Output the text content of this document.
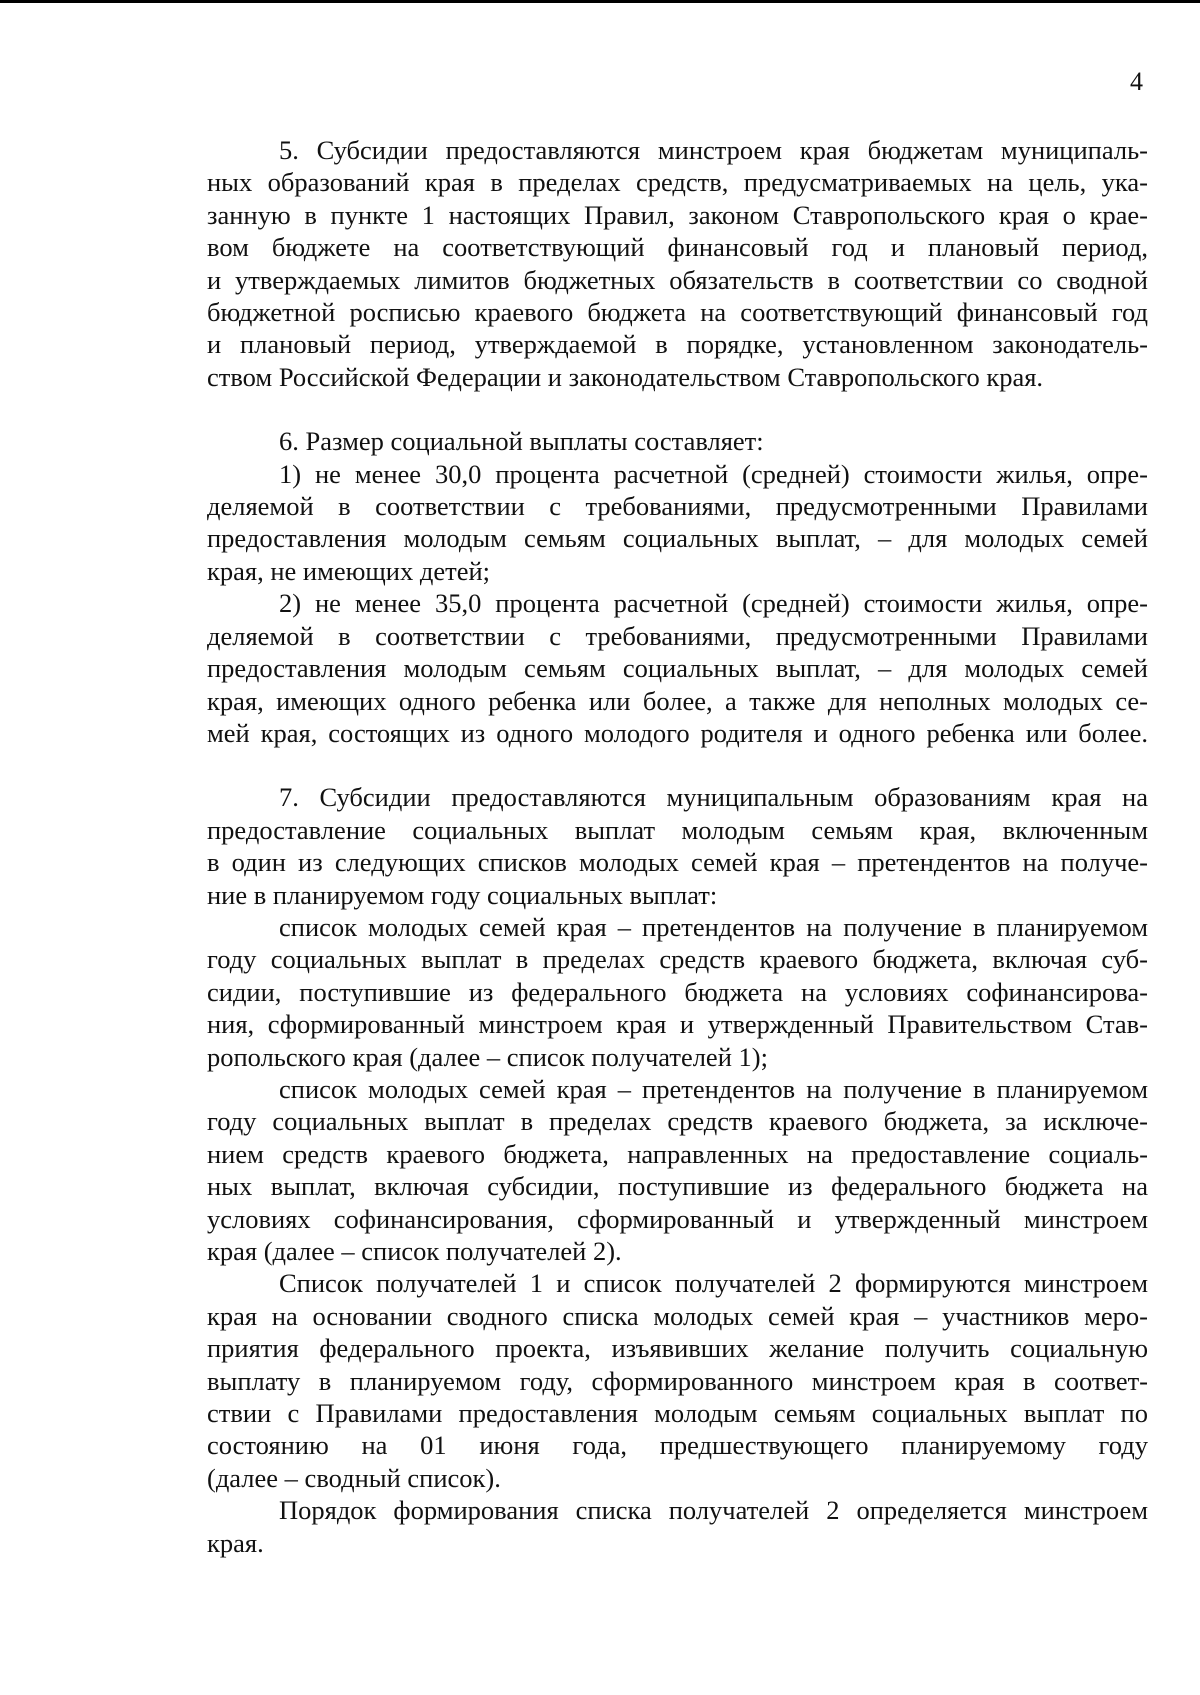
4
5. Субсидии предоставляются минстроем края бюджетам муниципаль-
ных образований края в пределах средств, предусматриваемых на цель, ука-
занную в пункте 1 настоящих Правил, законом Ставропольского края о крае-
вом бюджете на соответствующий финансовый год и плановый период,
и утверждаемых лимитов бюджетных обязательств в соответствии со сводной
бюджетной росписью краевого бюджета на соответствующий финансовый год
и плановый период, утверждаемой в порядке, установленном законодатель-
ством Российской Федерации и законодательством Ставропольского края.
6. Размер социальной выплаты составляет:
1) не менее 30,0 процента расчетной (средней) стоимости жилья, опре-
деляемой в соответствии с требованиями, предусмотренными Правилами
предоставления молодым семьям социальных выплат, – для молодых семей
края, не имеющих детей;
2) не менее 35,0 процента расчетной (средней) стоимости жилья, опре-
деляемой в соответствии с требованиями, предусмотренными Правилами
предоставления молодым семьям социальных выплат, – для молодых семей
края, имеющих одного ребенка или более, а также для неполных молодых се-
мей края, состоящих из одного молодого родителя и одного ребенка или более.
7. Субсидии предоставляются муниципальным образованиям края на
предоставление социальных выплат молодым семьям края, включенным
в один из следующих списков молодых семей края – претендентов на получе-
ние в планируемом году социальных выплат:
список молодых семей края – претендентов на получение в планируемом
году социальных выплат в пределах средств краевого бюджета, включая суб-
сидии, поступившие из федерального бюджета на условиях софинансирова-
ния, сформированный минстроем края и утвержденный Правительством Став-
ропольского края (далее – список получателей 1);
список молодых семей края – претендентов на получение в планируемом
году социальных выплат в пределах средств краевого бюджета, за исключе-
нием средств краевого бюджета, направленных на предоставление социаль-
ных выплат, включая субсидии, поступившие из федерального бюджета на
условиях софинансирования, сформированный и утвержденный минстроем
края (далее – список получателей 2).
Список получателей 1 и список получателей 2 формируются минстроем
края на основании сводного списка молодых семей края – участников меро-
приятия федерального проекта, изъявивших желание получить социальную
выплату в планируемом году, сформированного минстроем края в соответ-
ствии с Правилами предоставления молодым семьям социальных выплат по
состоянию на 01 июня года, предшествующего планируемому году
(далее – сводный список).
Порядок формирования списка получателей 2 определяется минстроем
края.
